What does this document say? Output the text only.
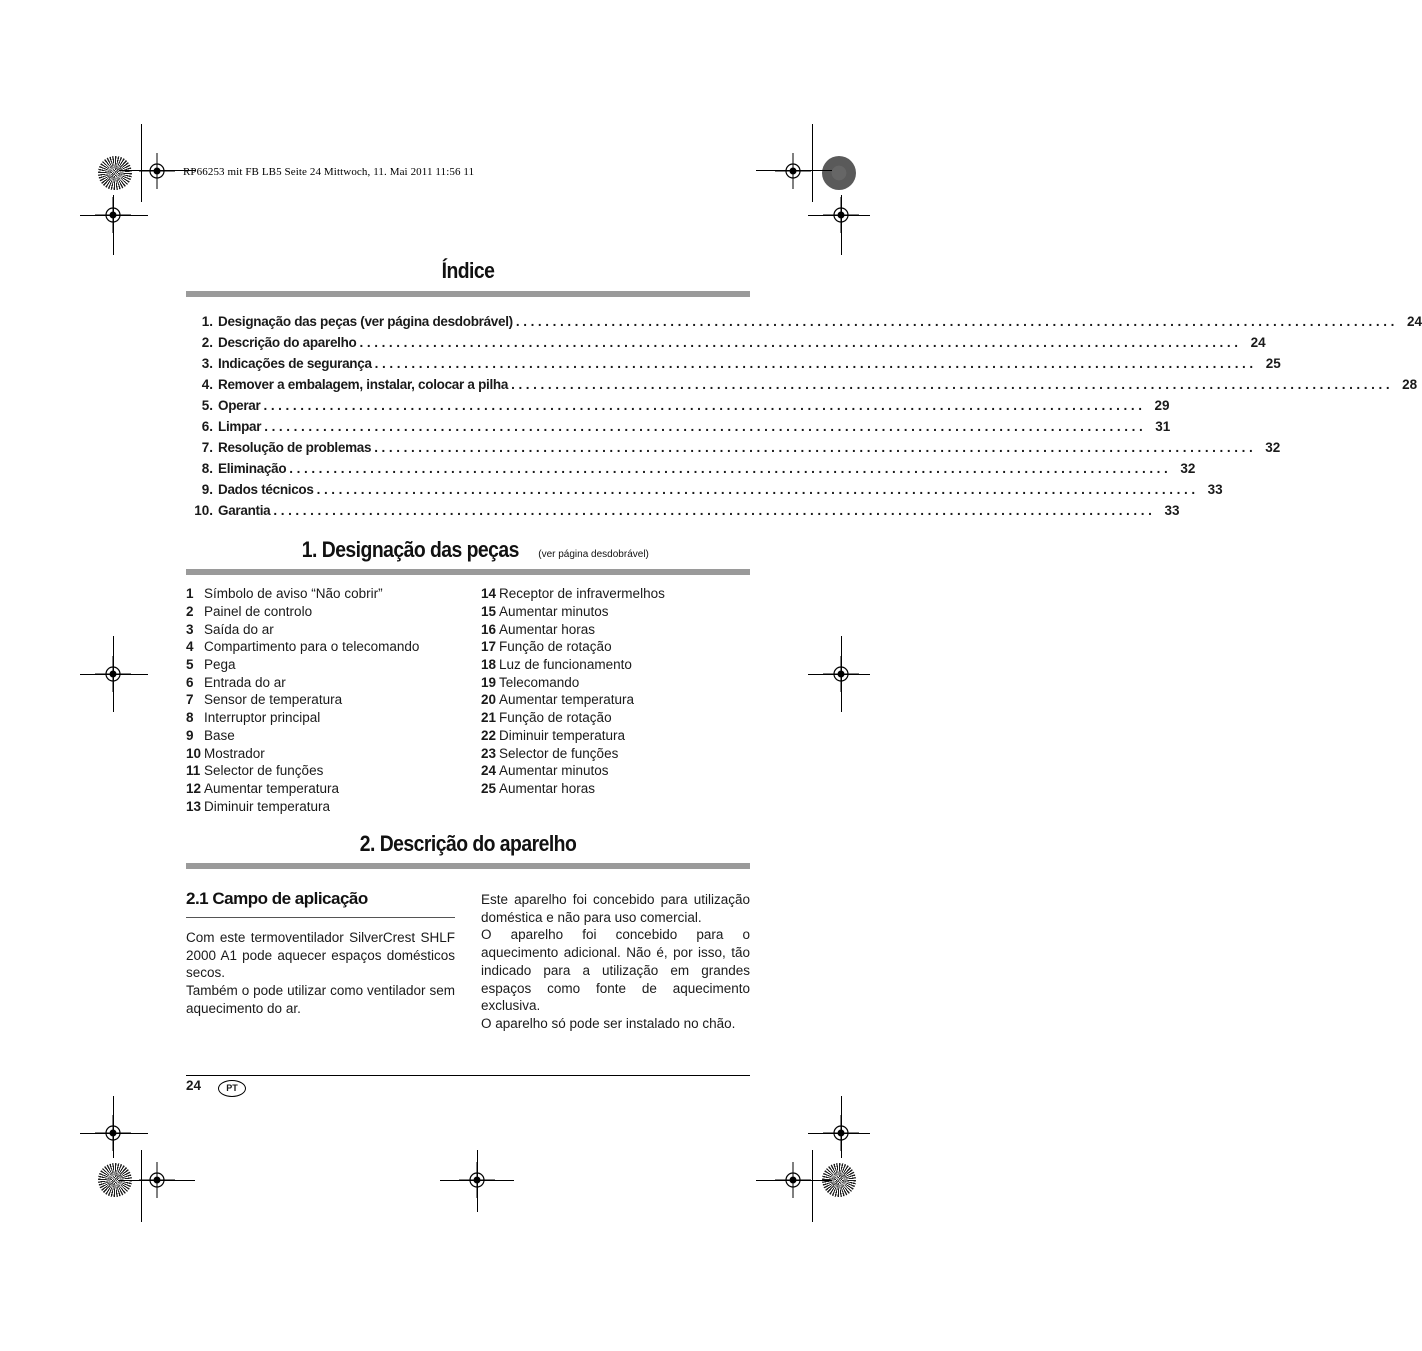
RP66253 mit FB LB5 Seite 24 Mittwoch, 11. Mai 2011 11:56 11
Índice
1. Designação das peças (ver página desdobrável) ........................................................................................................................ 24
2. Descrição do aparelho ........................................................................................................................ 24
3. Indicações de segurança ........................................................................................................................ 25
4. Remover a embalagem, instalar, colocar a pilha ........................................................................................................................ 28
5. Operar ........................................................................................................................ 29
6. Limpar ........................................................................................................................ 31
7. Resolução de problemas ........................................................................................................................ 32
8. Eliminação ........................................................................................................................ 32
9. Dados técnicos ........................................................................................................................ 33
10. Garantia ........................................................................................................................ 33
1. Designação das peças (ver página desdobrável)
1 Símbolo de aviso “Não cobrir”
2 Painel de controlo
3 Saída do ar
4 Compartimento para o telecomando
5 Pega
6 Entrada do ar
7 Sensor de temperatura
8 Interruptor principal
9 Base
10 Mostrador
11 Selector de funções
12 Aumentar temperatura
13 Diminuir temperatura
14 Receptor de infravermelhos
15 Aumentar minutos
16 Aumentar horas
17 Função de rotação
18 Luz de funcionamento
19 Telecomando
20 Aumentar temperatura
21 Função de rotação
22 Diminuir temperatura
23 Selector de funções
24 Aumentar minutos
25 Aumentar horas
2. Descrição do aparelho
2.1 Campo de aplicação

Com este termoventilador SilverCrest SHLF 2000 A1 pode aquecer espaços domésticos secos.

Também o pode utilizar como ventilador sem aquecimento do ar.

Este aparelho foi concebido para utilização doméstica e não para uso comercial.

O aparelho foi concebido para o aquecimento adicional. Não é, por isso, tão indicado para a utilização em grandes espaços como fonte de aquecimento exclusiva.

O aparelho só pode ser instalado no chão.

24	PT
